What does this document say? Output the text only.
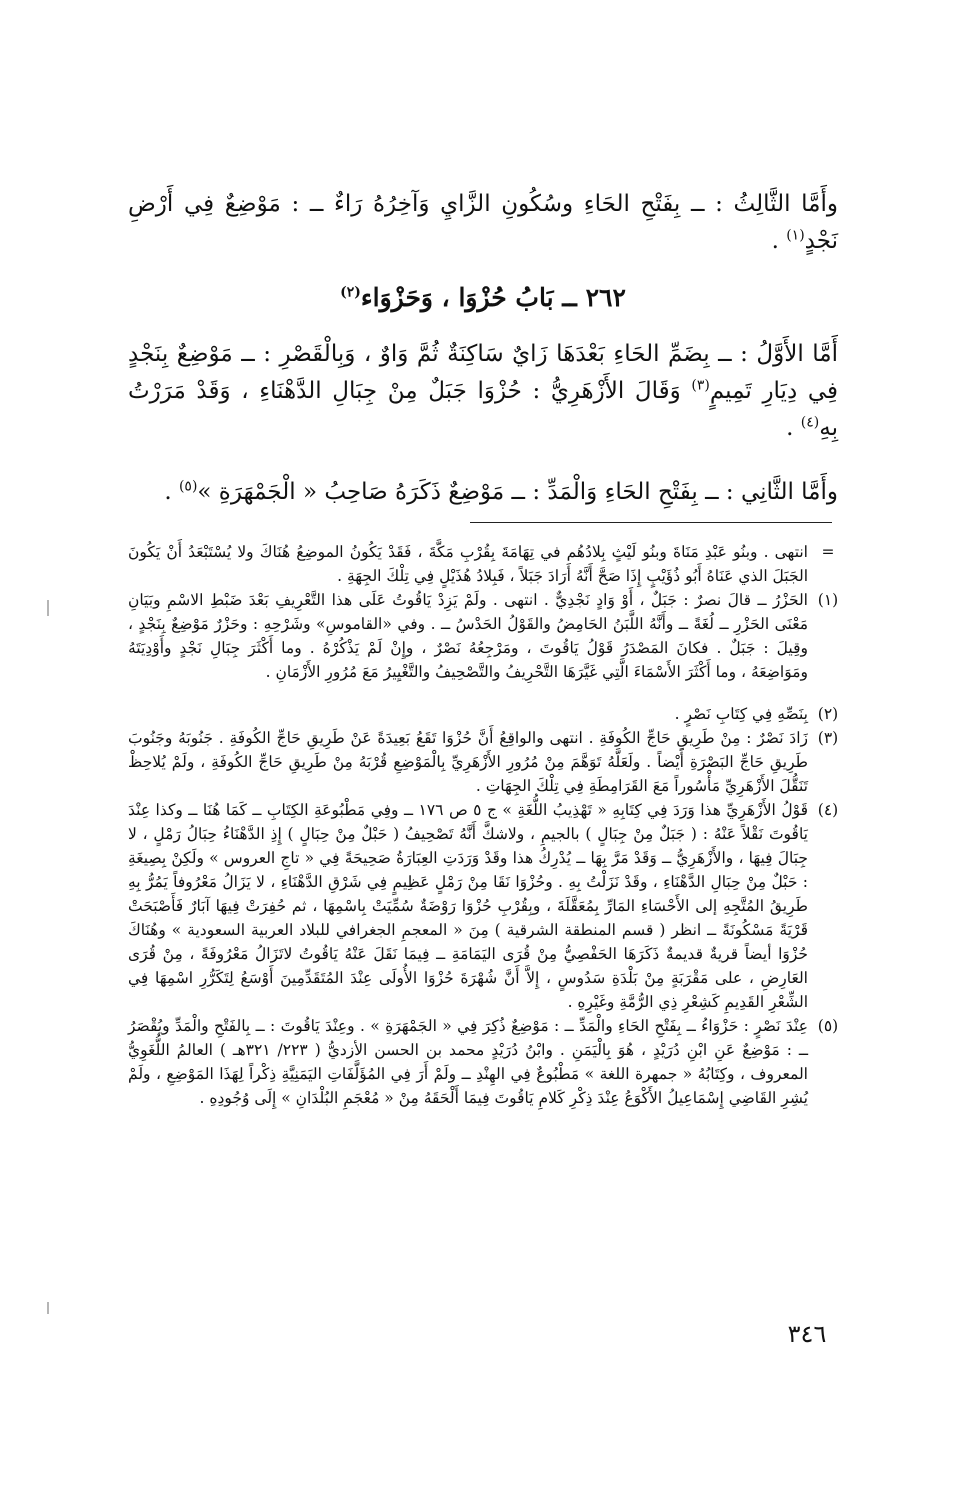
وأَمَّا الثَّالِثُ : ــ بِفَتْحِ الحَاءِ وسُكُونِ الزَّايِ وَآخِرُهُ رَاءٌ ــ : مَوْضِعٌ فِي أَرْضِ نَجْدٍ$^{(١)}$ .

٢٦٢ ــ بَابُ حُزْوَا ، وَحَزْوَاء$^{(٢)}$

أَمَّا الأَوَّلُ : ــ بِضَمِّ الحَاءِ بَعْدَهَا زَايٌ سَاكِنَةٌ ثُمَّ وَاوٌ ، وَبِالْقَصْرِ : ــ مَوْضِعٌ بِنَجْدٍ فِي دِيَارِ تَمِيمٍ$^{(٣)}$ وَقَالَ الأَزْهَرِيُّ : حُزْوَا جَبَلٌ مِنْ جِبَالِ الدَّهْنَاءِ ، وَقَدْ مَرَرْتُ بِهِ$^{(٤)}$ .

وأَمَّا الثَّانِي : ــ بِفَتْحِ الحَاءِ وَالْمَدِّ : ــ مَوْضِعٌ ذَكَرَهُ صَاحِبُ « الْجَمْهَرَةِ »$^{(٥)}$ .

=
انتهى . وبنُو عَبْدِ مَنَاةَ وبنُو لَيْثٍ بِلادُهُم في تِهَامَةَ بِقُرْبِ مَكَّةَ ، فَقَدْ يَكُونُ الموضِعُ هُنَاكَ ولا يُسْتَبْعَدُ أَنْ يَكُونَ الجَبَلَ الذي عَنَاهُ أَبُو ذُؤَيْبٍ إِذَا صَحَّ أَنَّهُ أَرَادَ جَبَلاً ، فَبِلادُ هُذَيْلٍ فِي تِلْكَ الجِهَةِ .
(١)
الحَزْرُ ــ قالَ نصرٌ : جَبَلٌ ، أَوْ وَادٍ نَجْدِيٌّ . انتهى . ولَمْ يَزِدْ يَاقُوتُ عَلَى هذا التَّعْرِيفِ بَعْدَ ضَبْطِ الاسْمِ وبَيَانِ مَعْنَى الحَزْرِ ــ لُغَةً ــ وأَنَّهُ اللَّبَنُ الحَامِضُ والقَوْلُ الحَدْسُ ــ . وفي «القاموسِ» وشَرْحِهِ : وحَزْرٌ مَوْضِعٌ بِنَجْدٍ ، وقِيلَ : جَبَلٌ . فكانَ المَصْدَرُ قَوْلُ يَاقُوتَ ، ومَرْجِعُهُ نَصْرٌ ، وإِنْ لَمْ يَذْكُرْهُ . وما أَكْثَرَ جِبَالِ نَجْدٍ وأَوْدِيَتَهُ ومَوَاضِعَهُ ، وما أَكْثَرَ الأَسْمَاءَ الَّتِي غَيَّرَهَا التَّحْرِيفُ والتَّصْحِيفُ والتَّغْيِيرُ مَعَ مُرُورِ الأَزْمَانِ .
(٢)
بِنَصِّهِ فِي كِتَابِ نَصْرٍ .
(٣)
زَادَ نَصْرٌ : مِنْ طَرِيقِ حَاجِّ الكُوفَةِ . انتهى والواقِعُ أَنَّ حُزْوَا تَقَعُ بَعِيدَةً عَنْ طَرِيقِ حَاجِّ الكُوفَةِ . جَنُوبَهُ وجَنُوبَ طَرِيقِ حَاجِّ البَصْرَةِ أَيْضاً . ولَعَلَّهُ تَوَهَّمَ مِنْ مُرُورِ الأَزْهَرِيِّ بِالْمَوْضِعِ قُرْبَهُ مِنْ طَرِيقِ حَاجِّ الكُوفَةِ ، ولَمْ يُلاحِظْ تَنَقُّلَ الأَزْهَرِيِّ مَأْسُوراً مَعَ القَرَامِطَةِ فِي تِلْكَ الجِهَاتِ .
(٤)
قَوْلُ الأَزْهَرِيِّ هذا وَرَدَ فِي كِتَابِهِ « تَهْذِيبُ اللُّغَةِ » ج ٥ ص ١٧٦ ــ وفِي مَطْبُوعَةِ الكِتَابِ ــ كَمَا هُنَا ــ وكذا عِنْدَ يَاقُوتَ نَقْلاً عَنْهُ : ( جَبَلٌ مِنْ جِبَالٍ ) بالجيمِ ، ولاشكَّ أَنَّهُ تَصْحِيفُ ( حَبْلٌ مِنْ حِبَالٍ ) إِذِ الدَّهْنَاءُ حِبَالُ رَمْلٍ ، لا جِبَالَ فِيهَا ، والأَزْهَرِيُّ ــ وَقَدْ مَرَّ بِهَا ــ يُدْرِكُ هذا وقَدْ وَرَدَتِ العِبَارَةُ صَحِيحَةً فِي « تاجِ العروس » ولَكِنْ بِصِيغَةِ : حَبْلٌ مِنْ حِبَالِ الدَّهْنَاءِ ، وقَدْ نَزَلْتُ بِهِ . وحُزْوَا نَقَا مِنْ رَمْلٍ عَظِيمٍ فِي شَرْقِ الدَّهْنَاءِ ، لا يَزَالُ مَعْرُوفاً يَمُرُّ بِهِ طَرِيقُ المُتَّجِهِ إلى الأَحْسَاءِ المَارِّ بِمُعَقَّلَةَ ، وبِقُرْبِ حُزْوَا رَوْضَةٌ سُمِّيَتْ بِاسْمِهَا ، ثم حُفِرَتْ فِيهَا آبَارٌ فَأَصْبَحَتْ قَرْيَةً مَسْكُونَةً ــ انظر ( قسم المنطقة الشرقية ) مِنَ « المعجمِ الجغرافي للبلاد العربية السعودية » وهُنَاكَ حُزْوَا أيضاً قريةٌ قديمةٌ ذَكَرَهَا الحَفْصِيُّ مِنْ قُرَى اليَمَامَةِ ــ فِيمَا نَقَلَ عَنْهُ يَاقُوتُ لاتَزَالُ مَعْرُوفَةً ، مِنْ قُرَى العَارِضِ ، على مَقْرَبَةٍ مِنْ بَلْدَةِ سَدُوسٍ ، إِلاَّ أَنَّ شُهْرَةَ حُزْوَا الأُولَى عِنْدَ المُتَقَدِّمِينَ أَوْسَعُ لِتَكَرُّرِ اسْمِهَا فِي الشِّعْرِ القَدِيمِ كَشِعْرِ ذِي الرُّمَّةِ وغَيْرِهِ .
(٥)
عِنْدَ نَصْرٍ : حَزْوَاءُ ــ بِفَتْحِ الحَاءِ والْمَدِّ ــ : مَوْضِعٌ ذُكِرَ فِي « الجَمْهَرَةِ » . وعِنْدَ يَاقُوتَ : ــ بِالفَتْحِ والْمَدِّ ويُقْصَرُ ــ : مَوْضِعٌ عَنِ ابْنِ دُرَيْدٍ ، هُوَ بِالْيَمَنِ . وابْنُ دُرَيْدٍ محمد بن الحسن الأزديُّ ( ٢٢٣/ ٣٢١هـ ) العالمُ اللُّغَوِيُّ المعروف ، وكِتَابُهُ « جمهرة اللغة » مَطْبُوعٌ فِي الهِنْدِ ــ ولَمْ أَرَ فِي المُؤَلَّفَاتِ اليَمَنِيَّةِ ذِكْراً لِهَذَا المَوْضِعِ ، ولَمْ يُشِرِ القَاضِي إِسْمَاعِيلُ الأَكْوَعُ عِنْدَ ذِكْرِ كَلامِ يَاقُوتَ فِيمَا أَلْحَقَهُ مِنْ « مُعْجَمِ البُلْدَانِ » إِلَى وُجُودِهِ .
٣٤٦
